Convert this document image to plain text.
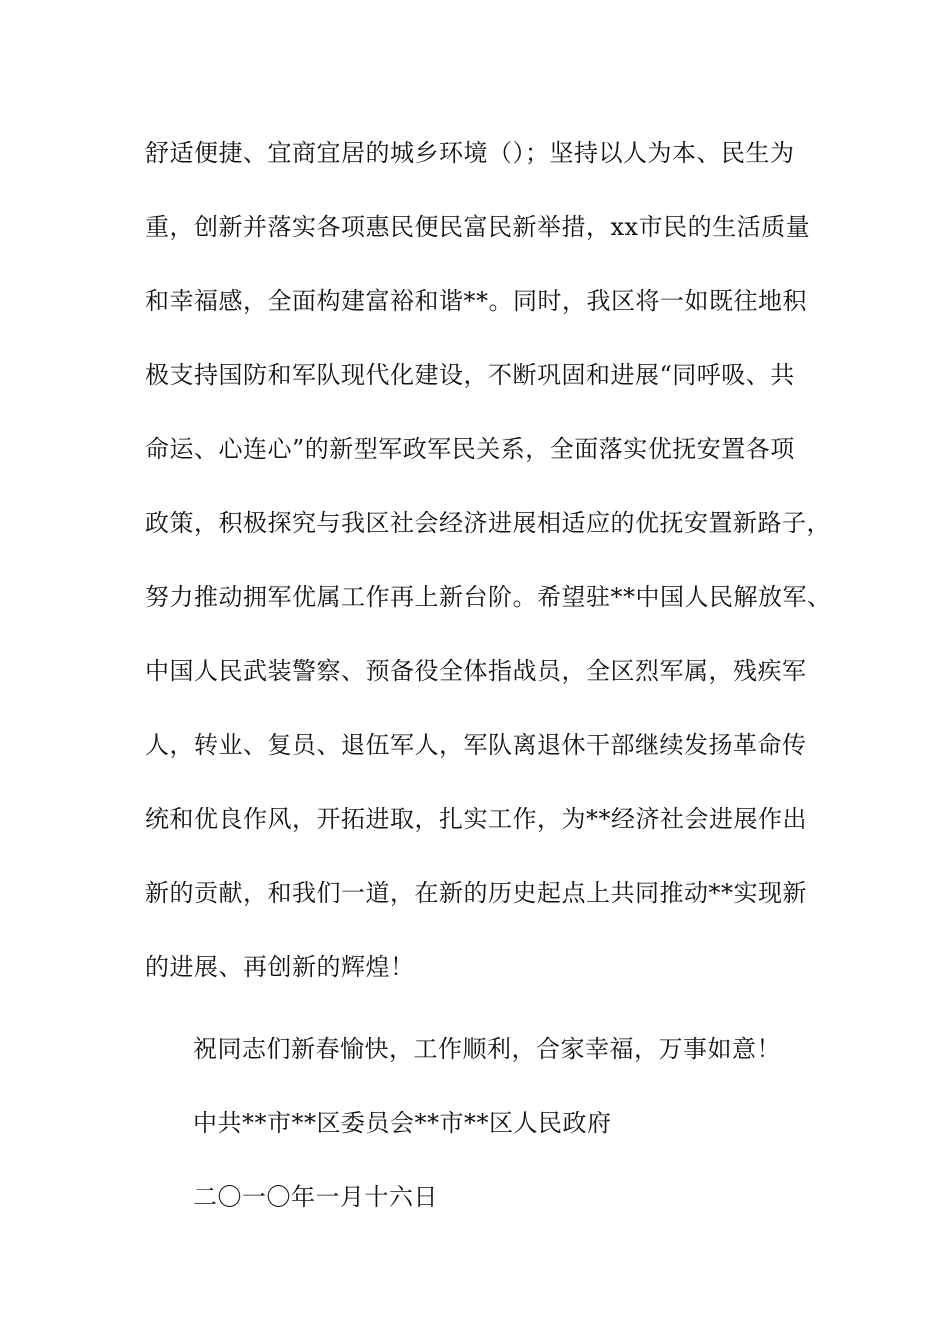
舒适便捷、宜商宜居的城乡环境（）；坚持以人为本、民生为
重，创新并落实各项惠民便民富民新举措，xx市民的生活质量
和幸福感，全面构建富裕和谐**。同时，我区将一如既往地积
极支持国防和军队现代化建设，不断巩固和进展“同呼吸、共
命运、心连心”的新型军政军民关系，全面落实优抚安置各项
政策，积极探究与我区社会经济进展相适应的优抚安置新路子，
努力推动拥军优属工作再上新台阶。希望驻**中国人民解放军、
中国人民武装警察、预备役全体指战员，全区烈军属，残疾军
人，转业、复员、退伍军人，军队离退休干部继续发扬革命传
统和优良作风，开拓进取，扎实工作，为**经济社会进展作出
新的贡献，和我们一道，在新的历史起点上共同推动**实现新
的进展、再创新的辉煌！
祝同志们新春愉快，工作顺利，合家幸福，万事如意！
中共**市**区委员会**市**区人民政府
二〇一〇年一月十六日
